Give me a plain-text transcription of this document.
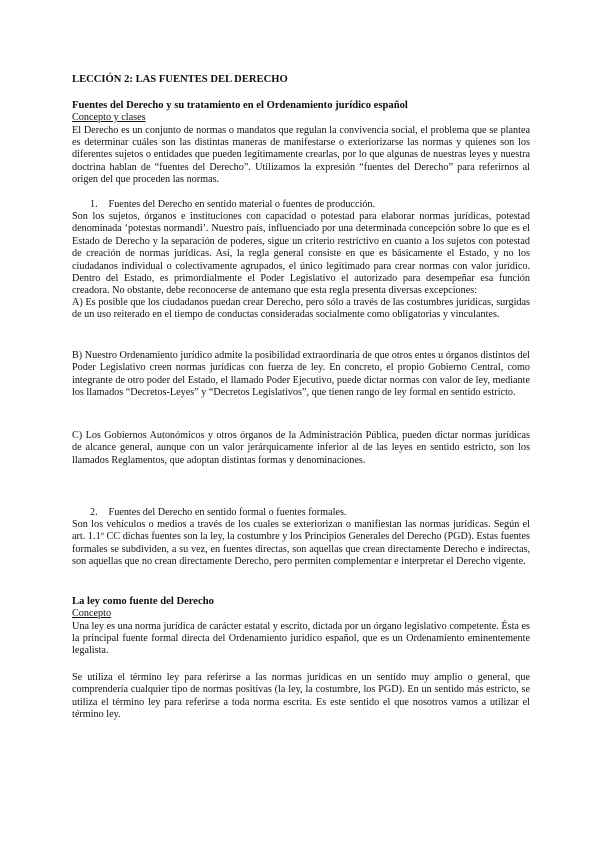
LECCIÓN 2: LAS FUENTES DEL DERECHO

Fuentes del Derecho y su tratamiento en el Ordenamiento jurídico español

Concepto y clases

El Derecho es un conjunto de normas o mandatos que regulan la convivencia social, el problema que se plantea es determinar cuáles son las distintas maneras de manifestarse o exteriorizarse las normas y quienes son los diferentes sujetos o entidades que pueden legítimamente crearlas, por lo que algunas de nuestras leyes y nuestra doctrina hablan de “fuentes del Derecho”. Utilizamos la expresión “fuentes del Derecho” para referirnos al origen del que proceden las normas.

1. Fuentes del Derecho en sentido material o fuentes de producción.

Son los sujetos, órganos e instituciones con capacidad o potestad para elaborar normas jurídicas, potestad denominada ‘potestas normandi’. Nuestro país, influenciado por una determinada concepción sobre lo que es el Estado de Derecho y la separación de poderes, sigue un criterio restrictivo en cuanto a los sujetos con potestad de creación de normas jurídicas. Así, la regla general consiste en que es básicamente el Estado, y no los ciudadanos individual o colectivamente agrupados, el único legitimado para crear normas con valor jurídico. Dentro del Estado, es primordialmente el Poder Legislativo el autorizado para desempeñar esa función creadora. No obstante, debe reconocerse de antemano que esta regla presenta diversas excepciones:

A) Es posible que los ciudadanos puedan crear Derecho, pero sólo a través de las costumbres jurídicas, surgidas de un uso reiterado en el tiempo de conductas consideradas socialmente como obligatorias y vinculantes.

B) Nuestro Ordenamiento jurídico admite la posibilidad extraordinaria de que otros entes u órganos distintos del Poder Legislativo creen normas jurídicas con fuerza de ley. En concreto, el propio Gobierno Central, como integrante de otro poder del Estado, el llamado Poder Ejecutivo, puede dictar normas con valor de ley, mediante los llamados “Decretos-Leyes” y “Decretos Legislativos”, que tienen rango de ley formal en sentido estricto.

C) Los Gobiernos Autonómicos y otros órganos de la Administración Pública, pueden dictar normas jurídicas de alcance general, aunque con un valor jerárquicamente inferior al de las leyes en sentido estricto, son los llamados Reglamentos, que adoptan distintas formas y denominaciones.

2. Fuentes del Derecho en sentido formal o fuentes formales.

Son los vehículos o medios a través de los cuales se exteriorizan o manifiestan las normas jurídicas. Según el art. 1.1º CC dichas fuentes son la ley, la costumbre y los Principios Generales del Derecho (PGD). Estas fuentes formales se subdividen, a su vez, en fuentes directas, son aquellas que crean directamente Derecho e indirectas, son aquellas que no crean directamente Derecho, pero permiten complementar e interpretar el Derecho vigente.

La ley como fuente del Derecho

Concepto

Una ley es una norma jurídica de carácter estatal y escrito, dictada por un órgano legislativo competente. Ésta es la principal fuente formal directa del Ordenamiento jurídico español, que es un Ordenamiento eminentemente legalista.

Se utiliza el término ley para referirse a las normas jurídicas en un sentido muy amplio o general, que comprendería cualquier tipo de normas positivas (la ley, la costumbre, los PGD). En un sentido más estricto, se utiliza el término ley para referirse a toda norma escrita. Es este sentido el que nosotros vamos a utilizar el término ley.
